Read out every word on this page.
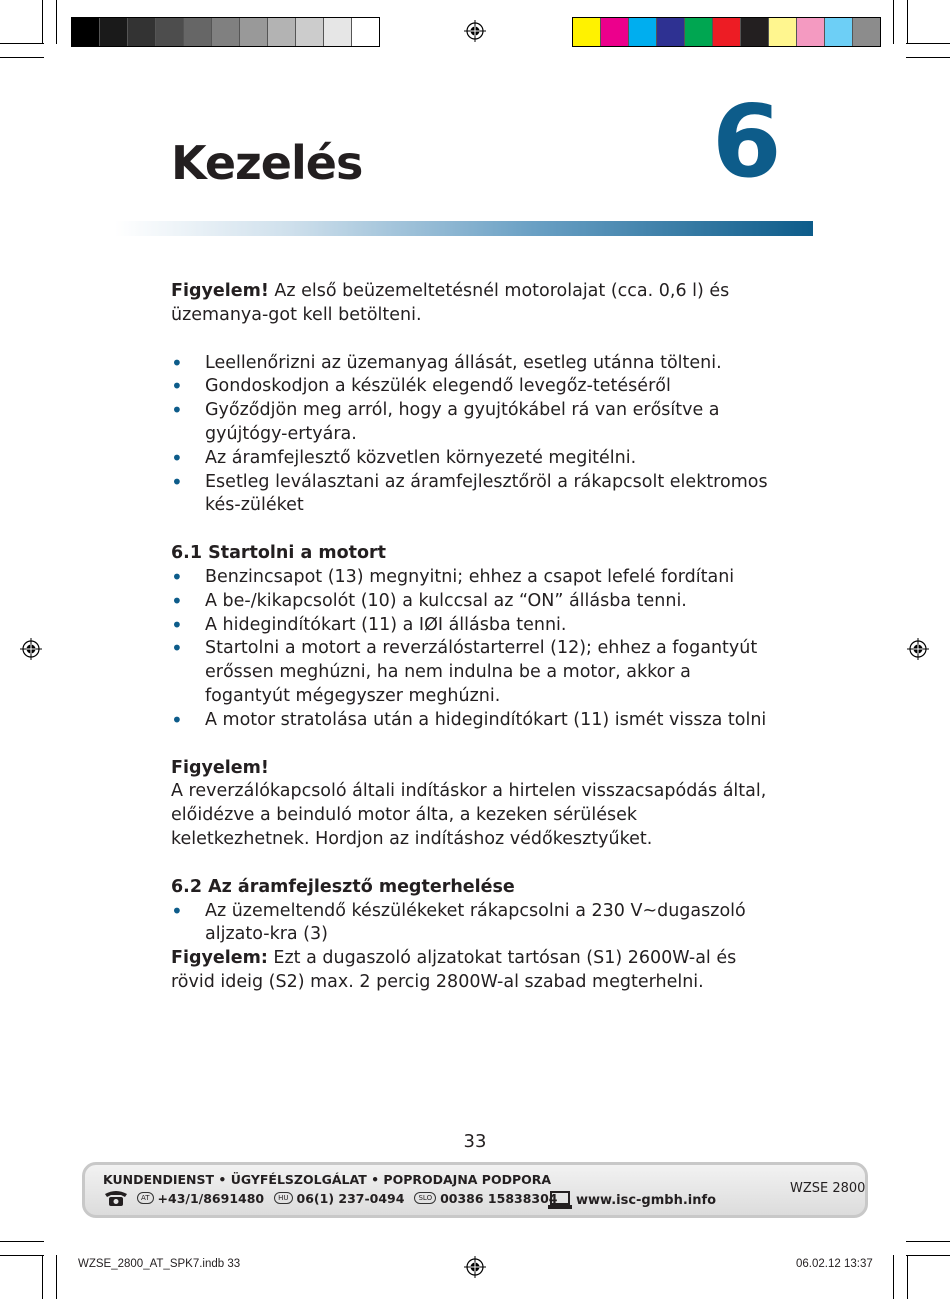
Kezelés	6

Figyelem! Az első beüzemeltetésnél motorolajat (cca. 0,6 l) és üzemanya-got kell betölteni.

• Leellenőrizni az üzemanyag állását, esetleg utánna tölteni.
• Gondoskodjon a készülék elegendő levegőz-tetéséről
• Győződjön meg arról, hogy a gyujtókábel rá van erősítve a gyújtógy-ertyára.
• Az áramfejlesztő közvetlen környezeté megitélni.
• Esetleg leválasztani az áramfejlesztőröl a rákapcsolt elektromos kés-züléket

6.1 Startolni a motort

• Benzincsapot (13) megnyitni; ehhez a csapot lefelé fordítani
• A be-/kikapcsolót (10) a kulccsal az “ON” állásba tenni.
• A hidegindítókart (11) a IØI állásba tenni.
• Startolni a motort a reverzálóstarterrel (12); ehhez a fogantyút erőssen meghúzni, ha nem indulna be a motor, akkor a fogantyút mégegyszer meghúzni.
• A motor stratolása után a hidegindítókart (11) ismét vissza tolni

Figyelem!

A reverzálókapcsoló általi indításkor a hirtelen visszacsapódás által, előidézve a beinduló motor álta, a kezeken sérülések keletkezhetnek. Hordjon az indításhoz védőkesztyűket.

6.2 Az áramfejlesztő megterhelése

• Az üzemeltendő készülékeket rákapcsolni a 230 V~dugaszoló aljzato-kra (3)

Figyelem: Ezt a dugaszoló aljzatokat tartósan (S1) 2600W-al és rövid ideig (S2) max. 2 percig 2800W-al szabad megterhelni.

33
KUNDENDIENST • ÜGYFÉLSZOLGÁLAT • POPRODAJNA PODPORA
AT +43/1/8691480	HU 06(1) 237-0494	SLO 00386 15838304 www.isc-gmbh.info
WZSE 2800
WZSE_2800_AT_SPK7.indb 33	06.02.12 13:37
